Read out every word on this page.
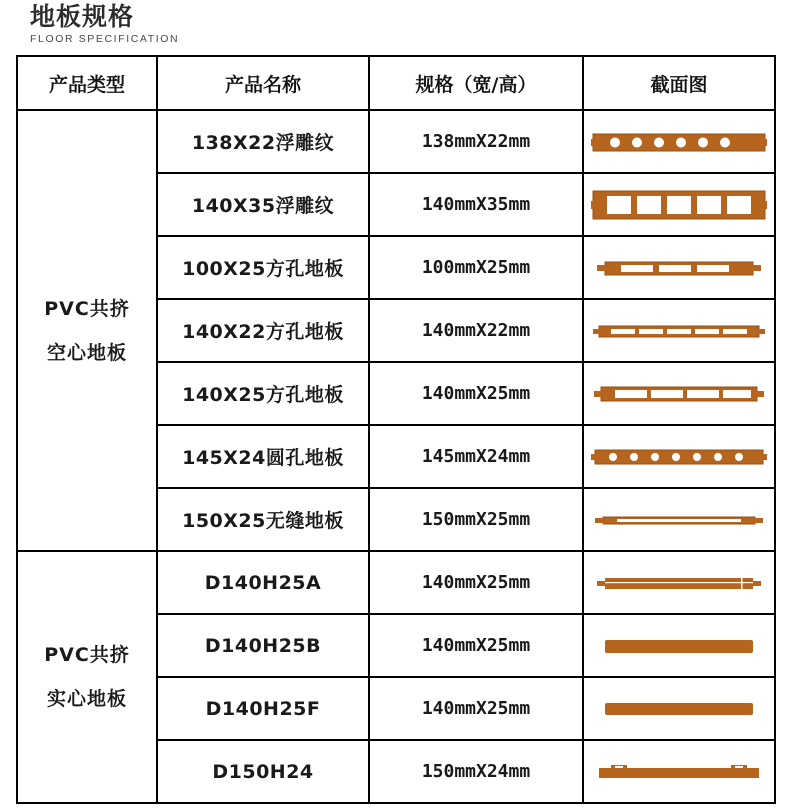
地板规格
FLOOR SPECIFICATION
产品类型	产品名称	规格（宽/高）	截面图

PVC共挤
空心地板	138X22浮雕纹	138mmX22mm	

	140X35浮雕纹	140mmX35mm	

	100X25方孔地板	100mmX25mm	

	140X22方孔地板	140mmX22mm	

	140X25方孔地板	140mmX25mm	

	145X24圆孔地板	145mmX24mm	

	150X25无缝地板	150mmX25mm	

PVC共挤
实心地板	D140H25A	140mmX25mm	

	D140H25B	140mmX25mm	

	D140H25F	140mmX25mm	

	D150H24	150mmX24mm	
